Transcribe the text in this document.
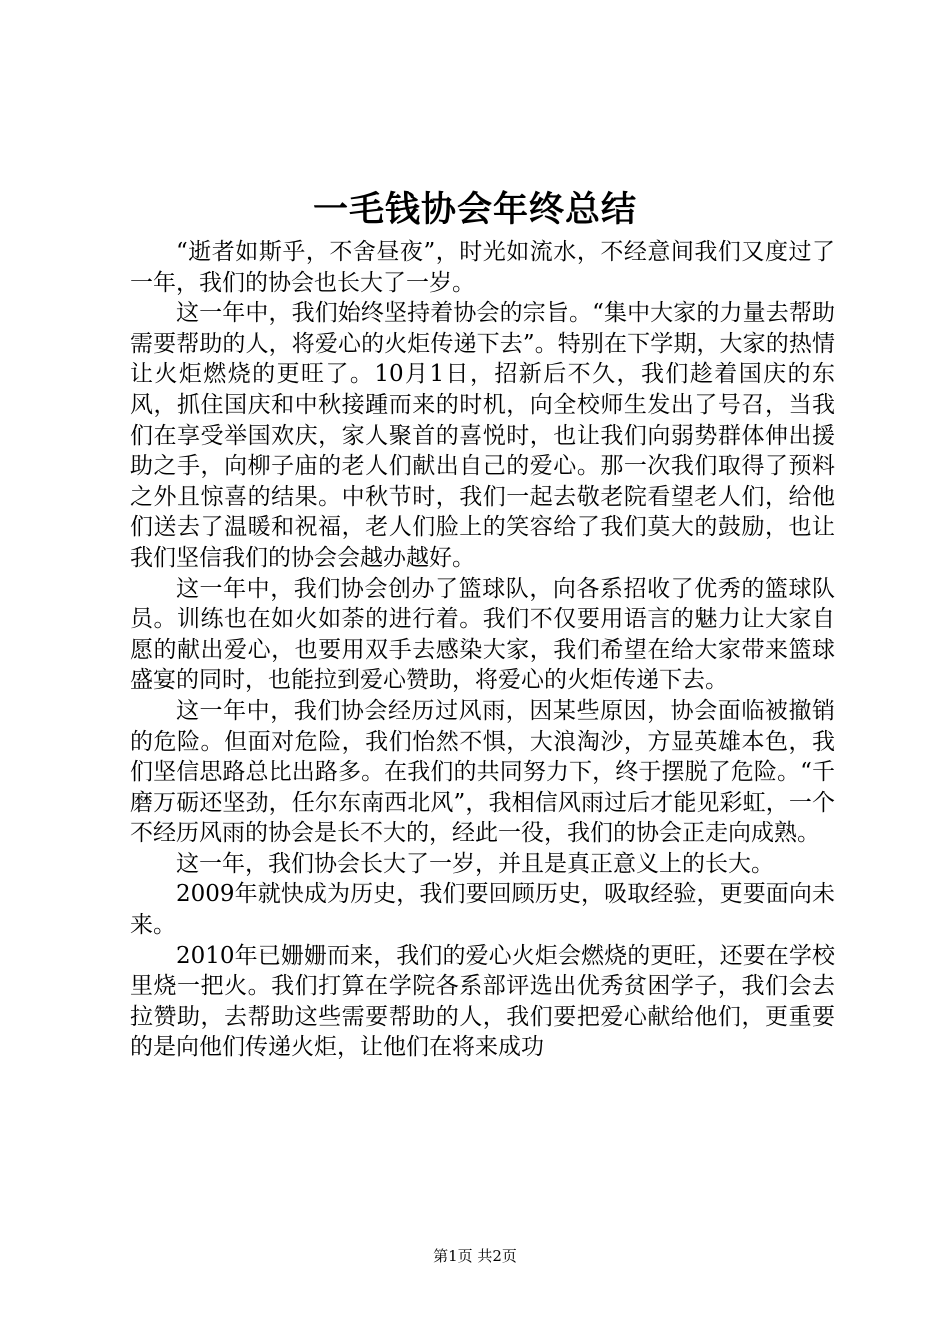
一毛钱协会年终总结

“逝者如斯乎，不舍昼夜”，时光如流水，不经意间我们又度过了一年，我们的协会也长大了一岁。

这一年中，我们始终坚持着协会的宗旨。“集中大家的力量去帮助需要帮助的人，将爱心的火炬传递下去”。特别在下学期，大家的热情让火炬燃烧的更旺了。10月1日，招新后不久，我们趁着国庆的东风，抓住国庆和中秋接踵而来的时机，向全校师生发出了号召，当我们在享受举国欢庆，家人聚首的喜悦时，也让我们向弱势群体伸出援助之手，向柳子庙的老人们献出自己的爱心。那一次我们取得了预料之外且惊喜的结果。中秋节时，我们一起去敬老院看望老人们，给他们送去了温暖和祝福，老人们脸上的笑容给了我们莫大的鼓励，也让我们坚信我们的协会会越办越好。

这一年中，我们协会创办了篮球队，向各系招收了优秀的篮球队员。训练也在如火如荼的进行着。我们不仅要用语言的魅力让大家自愿的献出爱心，也要用双手去感染大家，我们希望在给大家带来篮球盛宴的同时，也能拉到爱心赞助，将爱心的火炬传递下去。

这一年中，我们协会经历过风雨，因某些原因，协会面临被撤销的危险。但面对危险，我们怡然不惧，大浪淘沙，方显英雄本色，我们坚信思路总比出路多。在我们的共同努力下，终于摆脱了危险。“千磨万砺还坚劲，任尔东南西北风”，我相信风雨过后才能见彩虹，一个不经历风雨的协会是长不大的，经此一役，我们的协会正走向成熟。

这一年，我们协会长大了一岁，并且是真正意义上的长大。

2009年就快成为历史，我们要回顾历史，吸取经验，更要面向未来。

2010年已姗姗而来，我们的爱心火炬会燃烧的更旺，还要在学校里烧一把火。我们打算在学院各系部评选出优秀贫困学子，我们会去拉赞助，去帮助这些需要帮助的人，我们要把爱心献给他们，更重要的是向他们传递火炬，让他们在将来成功

第1页 共2页
